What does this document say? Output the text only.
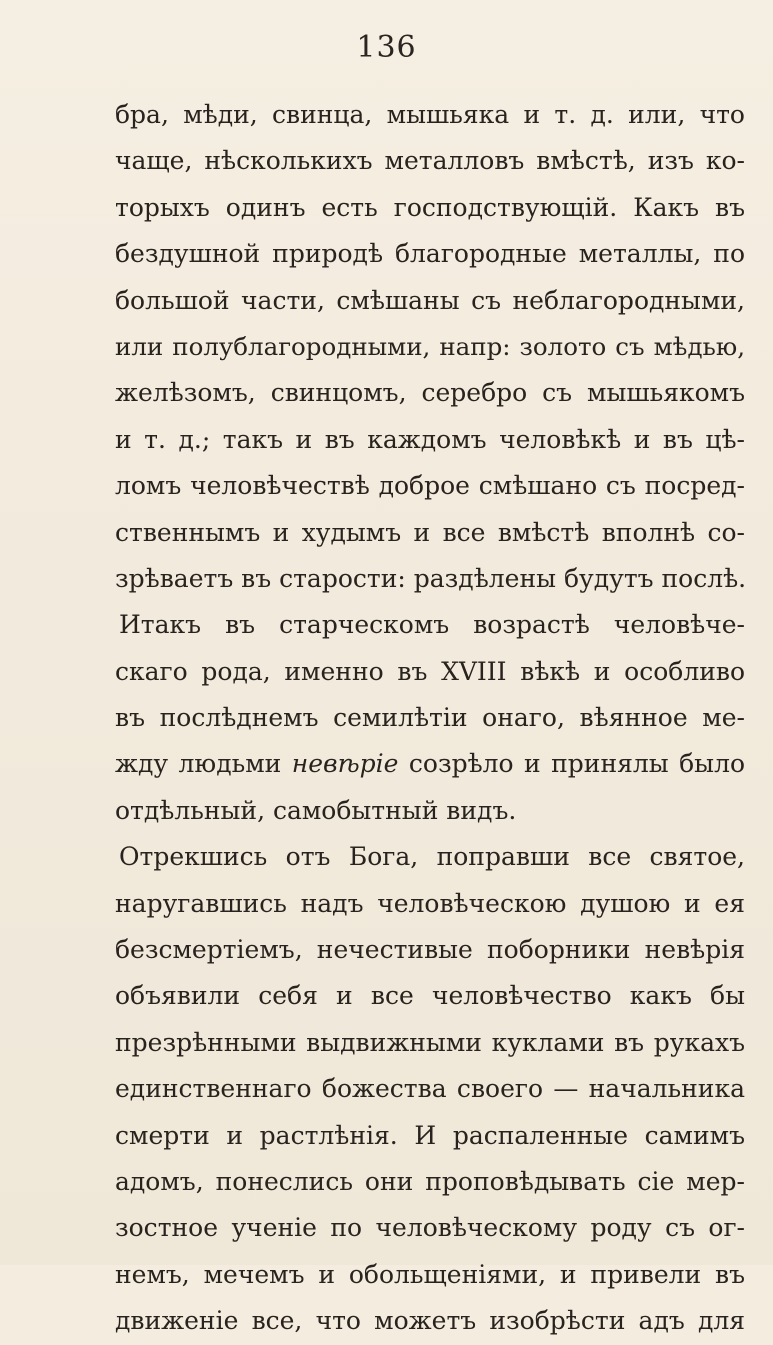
136
бра, мѣди, свинца, мышьяка и т. д. или, что
чаще, нѣсколькихъ металловъ вмѣстѣ, изъ ко-
торыхъ одинъ есть господствующій. Какъ въ
бездушной природѣ благородные металлы, по
большой части, смѣшаны съ неблагородными,
или полублагородными, напр: золото съ мѣдью,
желѣзомъ, свинцомъ, серебро съ мышьякомъ
и т. д.; такъ и въ каждомъ человѣкѣ и въ цѣ-
ломъ человѣчествѣ доброе смѣшано съ посред-
ственнымъ и худымъ и все вмѣстѣ вполнѣ со-
зрѣваетъ въ старости: раздѣлены будутъ послѣ.
Итакъ въ старческомъ возрастѣ человѣче-
скаго рода, именно въ XVIII вѣкѣ и особливо
въ послѣднемъ семилѣтіи онаго, вѣянное ме-
жду людьми невѣріе созрѣло и принялы было
отдѣльный, самобытный видъ.
Отрекшись отъ Бога, поправши все святое,
наругавшись надъ человѣческою душою и ея
безсмертіемъ, нечестивые поборники невѣрія
объявили себя и все человѣчество какъ бы
презрѣнными выдвижными куклами въ рукахъ
единственнаго божества своего — начальника
смерти и растлѣнія. И распаленные самимъ
адомъ, понеслись они проповѣдывать сіе мер-
зостное ученіе по человѣческому роду съ ог-
немъ, мечемъ и обольщеніями, и привели въ
движеніе все, что можетъ изобрѣсти адъ для
